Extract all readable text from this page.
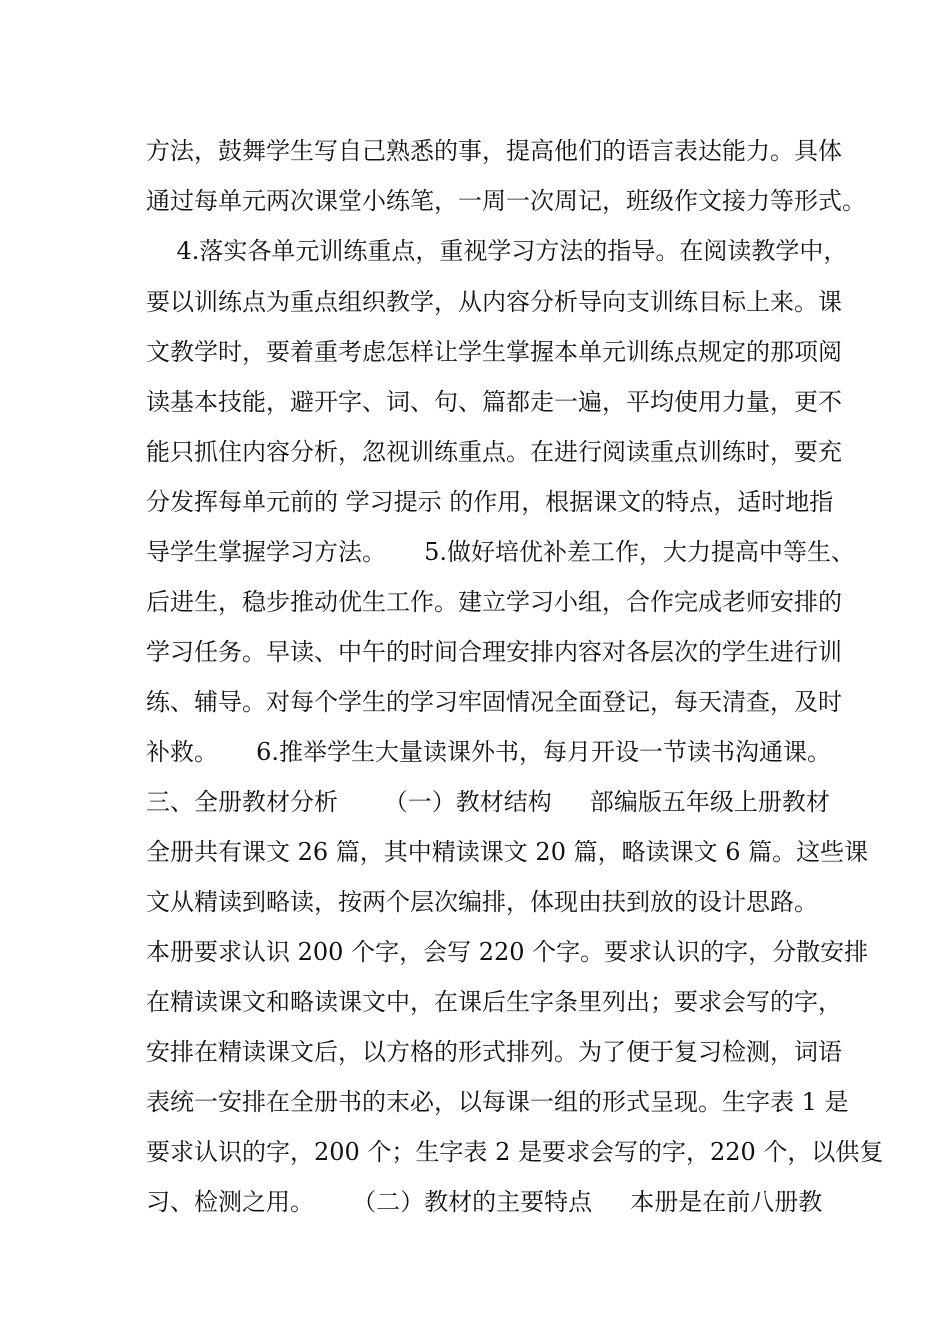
方法，鼓舞学生写自己熟悉的事，提高他们的语言表达能力。具体
通过每单元两次课堂小练笔，一周一次周记，班级作文接力等形式。
4.落实各单元训练重点，重视学习方法的指导。在阅读教学中，
要以训练点为重点组织教学，从内容分析导向支训练目标上来。课
文教学时，要着重考虑怎样让学生掌握本单元训练点规定的那项阅
读基本技能，避开字、词、句、篇都走一遍，平均使用力量，更不
能只抓住内容分析，忽视训练重点。在进行阅读重点训练时，要充
分发挥每单元前的 学习提示 的作用，根据课文的特点，适时地指
导学生掌握学习方法。     5.做好培优补差工作，大力提高中等生、
后进生，稳步推动优生工作。建立学习小组，合作完成老师安排的
学习任务。早读、中午的时间合理安排内容对各层次的学生进行训
练、辅导。对每个学生的学习牢固情况全面登记，每天清查，及时
补救。     6.推举学生大量读课外书，每月开设一节读书沟通课。
三、全册教材分析      （一）教材结构     部编版五年级上册教材
全册共有课文 26 篇，其中精读课文 20 篇，略读课文 6 篇。这些课
文从精读到略读，按两个层次编排，体现由扶到放的设计思路。
本册要求认识 200 个字，会写 220 个字。要求认识的字，分散安排
在精读课文和略读课文中，在课后生字条里列出；要求会写的字，
安排在精读课文后，以方格的形式排列。为了便于复习检测，词语
表统一安排在全册书的末必，以每课一组的形式呈现。生字表 1 是
要求认识的字，200 个；生字表 2 是要求会写的字，220 个，以供复
习、检测之用。     （二）教材的主要特点     本册是在前八册教
